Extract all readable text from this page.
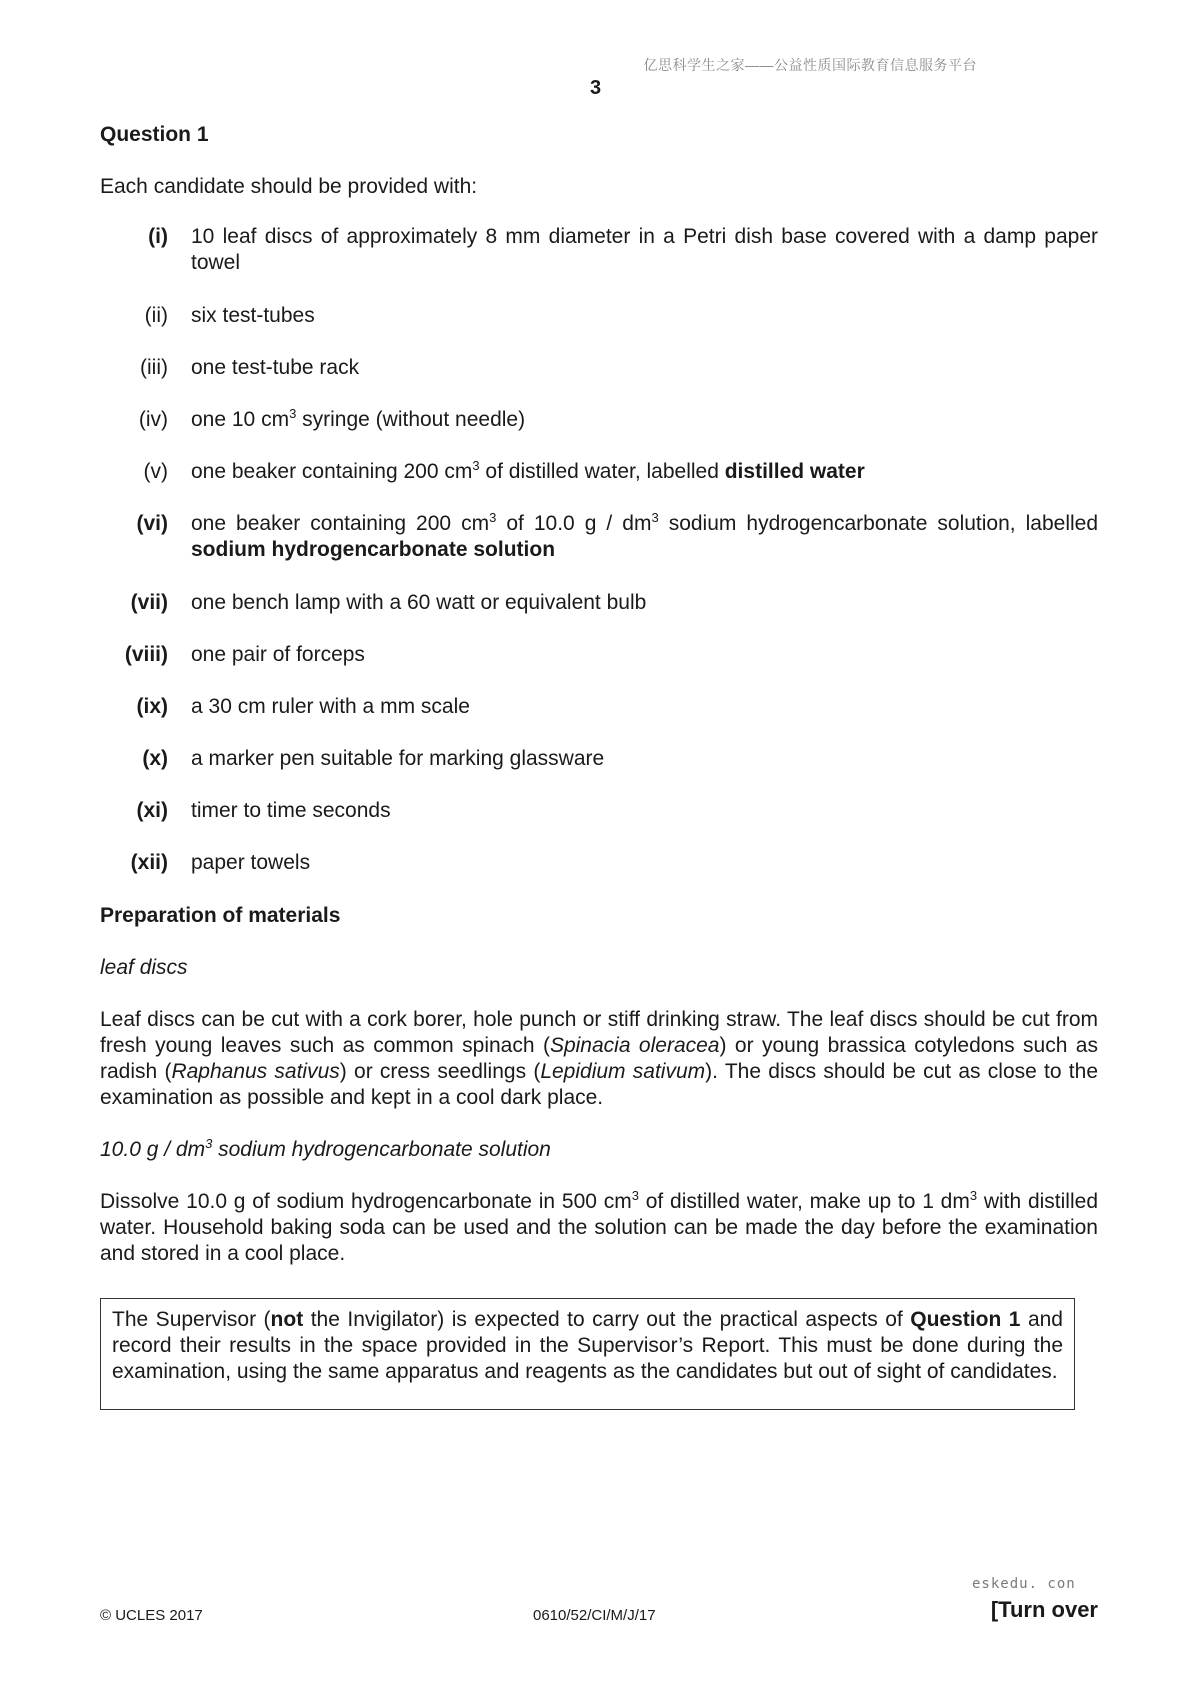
亿思科学生之家——公益性质国际教育信息服务平台
3
Question 1
Each candidate should be provided with:
(i) 10 leaf discs of approximately 8 mm diameter in a Petri dish base covered with a damp paper towel
(ii) six test-tubes
(iii) one test-tube rack
(iv) one 10 $cm^3$ syringe (without needle)
(v) one beaker containing 200 $cm^3$ of distilled water, labelled distilled water
(vi) one beaker containing 200 $cm^3$ of 10.0 g / $dm^3$ sodium hydrogencarbonate solution, labelled sodium hydrogencarbonate solution
(vii) one bench lamp with a 60 watt or equivalent bulb
(viii) one pair of forceps
(ix) a 30 cm ruler with a mm scale
(x) a marker pen suitable for marking glassware
(xi) timer to time seconds
(xii) paper towels
Preparation of materials
leaf discs
Leaf discs can be cut with a cork borer, hole punch or stiff drinking straw. The leaf discs should be cut from fresh young leaves such as common spinach (Spinacia oleracea) or young brassica cotyledons such as radish (Raphanus sativus) or cress seedlings (Lepidium sativum). The discs should be cut as close to the examination as possible and kept in a cool dark place.
10.0 g / $dm^3$ sodium hydrogencarbonate solution
Dissolve 10.0 g of sodium hydrogencarbonate in 500 $cm^3$ of distilled water, make up to 1 $dm^3$ with distilled water. Household baking soda can be used and the solution can be made the day before the examination and stored in a cool place.
The Supervisor (not the Invigilator) is expected to carry out the practical aspects of Question 1 and record their results in the space provided in the Supervisor’s Report. This must be done during the examination, using the same apparatus and reagents as the candidates but out of sight of candidates.
© UCLES 2017	0610/52/CI/M/J/17
eskedu. con
[Turn over
